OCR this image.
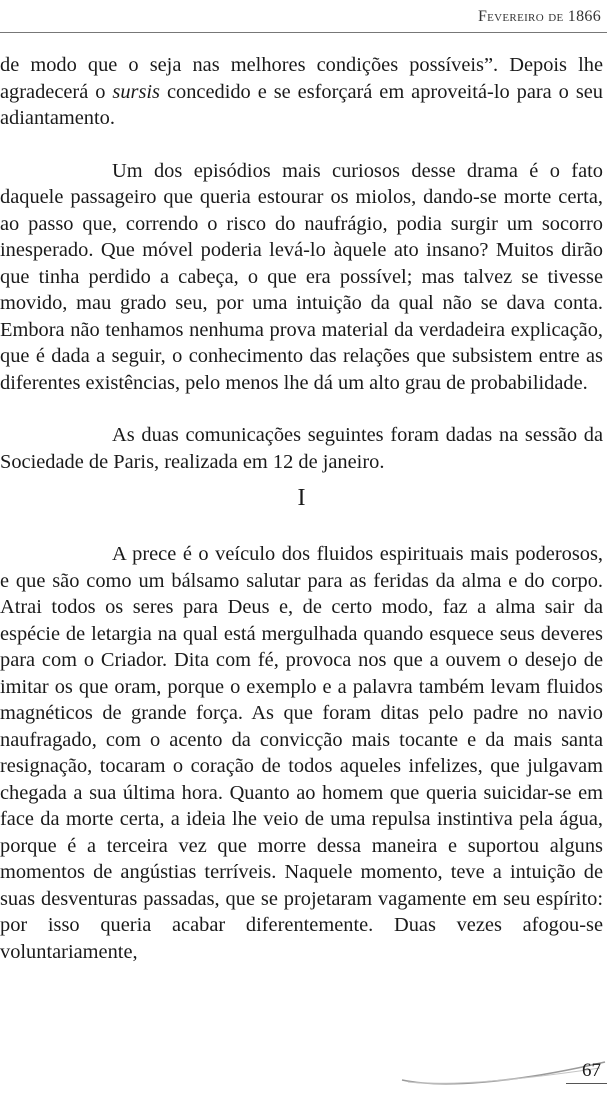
Fevereiro de 1866

de modo que o seja nas melhores condições possíveis”. Depois lhe agradecerá o sursis concedido e se esforçará em aproveitá-lo para o seu adiantamento.

Um dos episódios mais curiosos desse drama é o fato daquele passageiro que queria estourar os miolos, dando-se morte certa, ao passo que, correndo o risco do naufrágio, podia surgir um socorro inesperado. Que móvel poderia levá-lo àquele ato insano? Muitos dirão que tinha perdido a cabeça, o que era possível; mas talvez se tivesse movido, mau grado seu, por uma intuição da qual não se dava conta. Embora não tenhamos nenhuma prova material da verdadeira explicação, que é dada a seguir, o conhecimento das relações que subsistem entre as diferentes existências, pelo menos lhe dá um alto grau de probabilidade.

As duas comunicações seguintes foram dadas na sessão da Sociedade de Paris, realizada em 12 de janeiro.

I

A prece é o veículo dos fluidos espirituais mais poderosos, e que são como um bálsamo salutar para as feridas da alma e do corpo. Atrai todos os seres para Deus e, de certo modo, faz a alma sair da espécie de letargia na qual está mergulhada quando esquece seus deveres para com o Criador. Dita com fé, provoca nos que a ouvem o desejo de imitar os que oram, porque o exemplo e a palavra também levam fluidos magnéticos de grande força. As que foram ditas pelo padre no navio naufragado, com o acento da convicção mais tocante e da mais santa resignação, tocaram o coração de todos aqueles infelizes, que julgavam chegada a sua última hora. Quanto ao homem que queria suicidar-se em face da morte certa, a ideia lhe veio de uma repulsa instintiva pela água, porque é a terceira vez que morre dessa maneira e suportou alguns momentos de angústias terríveis. Naquele momento, teve a intuição de suas desventuras passadas, que se projetaram vagamente em seu espírito: por isso queria acabar diferentemente. Duas vezes afogou-se voluntariamente,

67
